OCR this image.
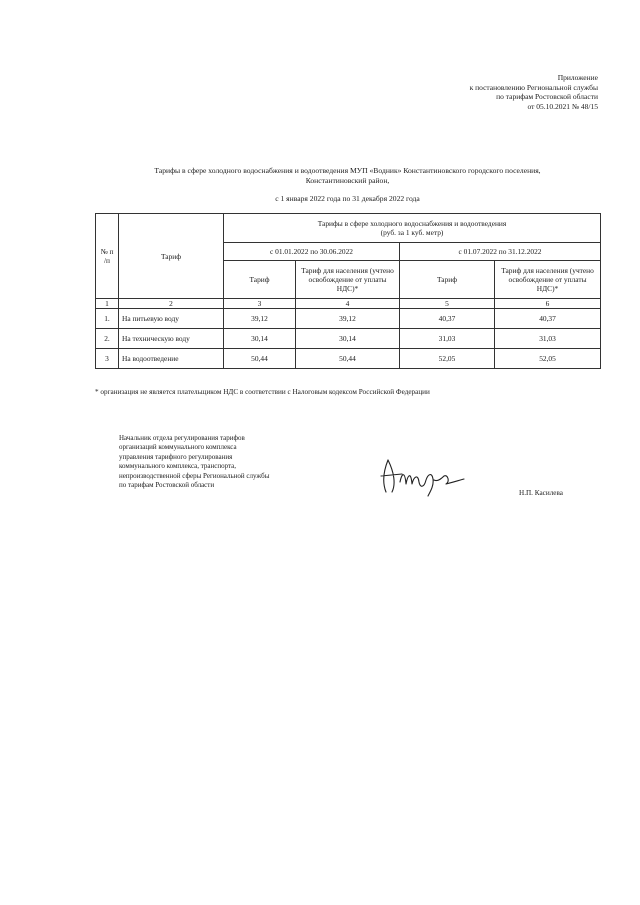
Приложение
к постановлению Региональной службы
по тарифам Ростовской области
от 05.10.2021 № 48/15
Тарифы в сфере холодного водоснабжения и водоотведения МУП «Водник» Константиновского городского поселения,
Константиновский район,
с 1 января 2022 года по 31 декабря 2022 года
№ п /п	Тариф	Тарифы в сфере холодного водоснабжения и водоотведения
(руб. за 1 куб. метр)			

		с 01.01.2022 по 30.06.2022		с 01.07.2022 по 31.12.2022	
		Тариф	Тариф для населения (учтено освобождение от уплаты НДС)*	Тариф	Тариф для населения (учтено освобождение от уплаты НДС)*
1	2	3	4	5	6
1.	На питьевую воду	39,12	39,12	40,37	40,37
2.	На техническую воду	30,14	30,14	31,03	31,03
3	На водоотведение	50,44	50,44	52,05	52,05
* организация не является плательщиком НДС в соответствии с Налоговым кодексом Российской Федерации
Начальник отдела регулирования тарифов
организаций коммунального комплекса
управления тарифного регулирования
коммунального комплекса, транспорта,
непроизводственной сферы Региональной службы
по тарифам Ростовской области
Н.П. Касилева
